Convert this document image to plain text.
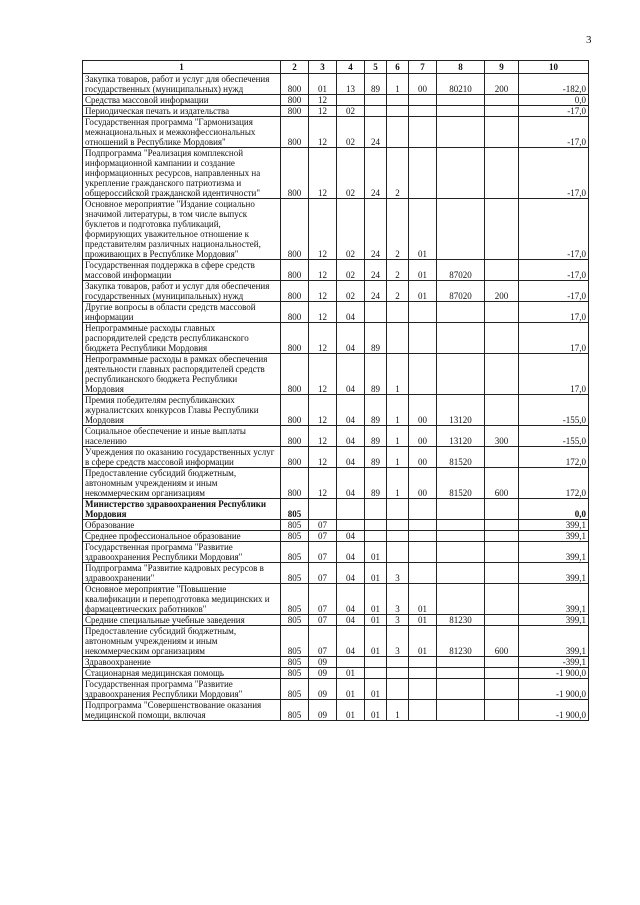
3
1	2	3	4	5	6	7	8	9	10
Закупка товаров, работ и услуг для обеспечения государственных (муниципальных) нужд	800	01	13	89	1	00	80210	200	-182,0
Средства массовой информации	800	12							0,0
Периодическая печать и издательства	800	12	02						-17,0
Государственная программа "Гармонизация межнациональных и межконфессиональных отношений в Республике Мордовия"	800	12	02	24					-17,0
Подпрограмма "Реализация комплексной информационной кампании и создание информационных ресурсов, направленных на укрепление гражданского патриотизма и общероссийской гражданской идентичности"	800	12	02	24	2				-17,0
Основное мероприятие "Издание социально значимой литературы, в том числе выпуск буклетов и подготовка публикаций, формирующих уважительное отношение к представителям различных национальностей, проживающих в Республике Мордовия"	800	12	02	24	2	01			-17,0
Государственная поддержка в сфере средств массовой информации	800	12	02	24	2	01	87020		-17,0
Закупка товаров, работ и услуг для обеспечения государственных (муниципальных) нужд	800	12	02	24	2	01	87020	200	-17,0
Другие вопросы в области средств массовой информации	800	12	04						17,0
Непрограммные расходы главных распорядителей средств республиканского бюджета Республики Мордовия	800	12	04	89					17,0
Непрограммные расходы в рамках обеспечения деятельности главных распорядителей средств республиканского бюджета Республики Мордовия	800	12	04	89	1				17,0
Премия победителям республиканских журналистских конкурсов Главы Республики Мордовия	800	12	04	89	1	00	13120		-155,0
Социальное обеспечение и иные выплаты населению	800	12	04	89	1	00	13120	300	-155,0
Учреждения по оказанию государственных услуг в сфере средств массовой информации	800	12	04	89	1	00	81520		172,0
Предоставление субсидий бюджетным, автономным учреждениям и иным некоммерческим организациям	800	12	04	89	1	00	81520	600	172,0
Министерство здравоохранения Республики Мордовия	805								0,0
Образование	805	07							399,1
Среднее профессиональное образование	805	07	04						399,1
Государственная программа "Развитие здравоохранения Республики Мордовия"	805	07	04	01					399,1
Подпрограмма "Развитие кадровых ресурсов в здравоохранении"	805	07	04	01	3				399,1
Основное мероприятие "Повышение квалификации и переподготовка медицинских и фармацевтических работников"	805	07	04	01	3	01			399,1
Средние специальные учебные заведения	805	07	04	01	3	01	81230		399,1
Предоставление субсидий бюджетным, автономным учреждениям и иным некоммерческим организациям	805	07	04	01	3	01	81230	600	399,1
Здравоохранение	805	09							-399,1
Стационарная медицинская помощь	805	09	01						-1 900,0
Государственная программа "Развитие здравоохранения Республики Мордовия"	805	09	01	01					-1 900,0
Подпрограмма "Совершенствование оказания медицинской помощи, включая	805	09	01	01	1				-1 900,0
